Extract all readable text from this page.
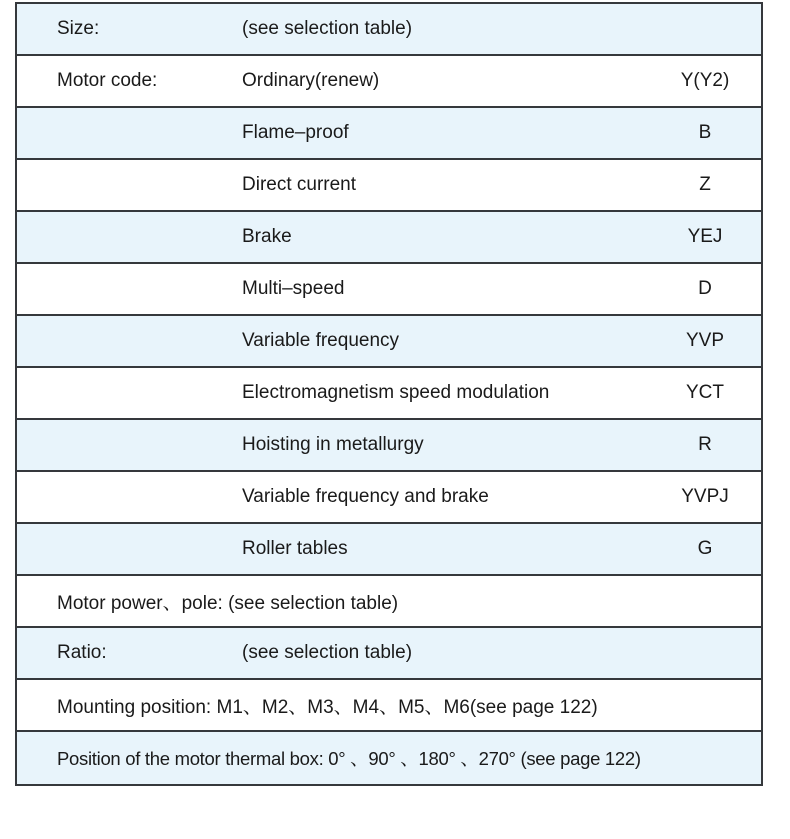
Size:	(see selection table)
Motor code:	Ordinary(renew)	Y(Y2)
Flame–proof	B
Direct current	Z
Brake	YEJ
Multi–speed	D
Variable frequency	YVP
Electromagnetism speed modulation	YCT
Hoisting in metallurgy	R
Variable frequency and brake	YVPJ
Roller tables	G
Motor power、pole: (see selection table)
Ratio:	(see selection table)
Mounting position: M1、M2、M3、M4、M5、M6(see page 122)
Position of the motor thermal box: 0° 、90° 、180° 、270° (see page 122)
